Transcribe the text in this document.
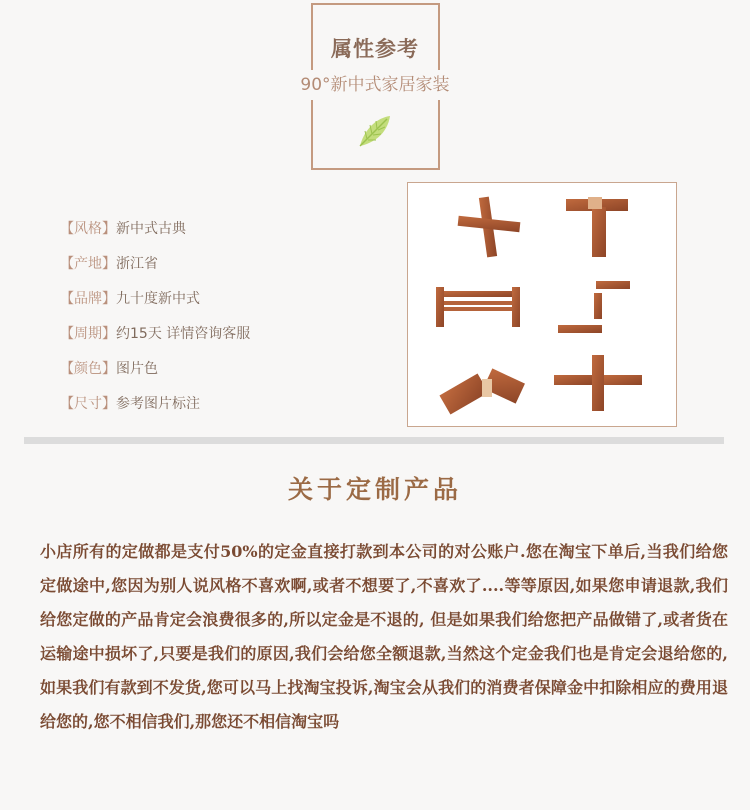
属性参考
90°新中式家居家装
【风格】新中式古典
【产地】浙江省
【品牌】九十度新中式
【周期】约15天 详情咨询客服
【颜色】图片色
【尺寸】参考图片标注
关于定制产品
小店所有的定做都是支付50%的定金直接打款到本公司的对公账户.您在淘宝下单后,当我们给您定做途中,您因为别人说风格不喜欢啊,或者不想要了,不喜欢了....等等原因,如果您申请退款,我们给您定做的产品肯定会浪费很多的,所以定金是不退的, 但是如果我们给您把产品做错了,或者货在运输途中损坏了,只要是我们的原因,我们会给您全额退款,当然这个定金我们也是肯定会退给您的,如果我们有款到不发货,您可以马上找淘宝投诉,淘宝会从我们的消费者保障金中扣除相应的费用退给您的,您不相信我们,那您还不相信淘宝吗
